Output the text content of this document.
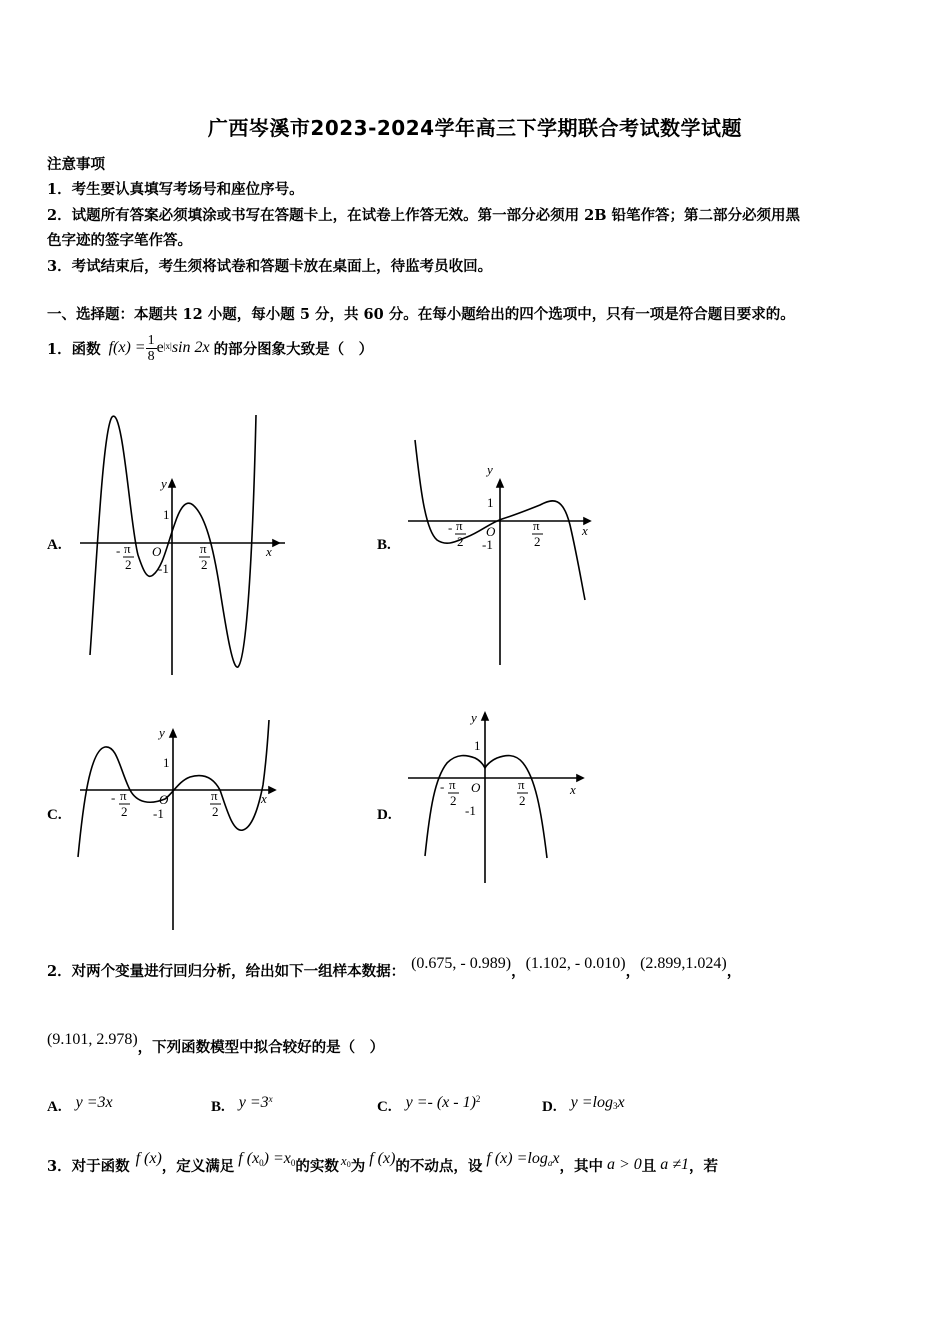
广西岑溪市2023-2024学年高三下学期联合考试数学试题
注意事项
1．考生要认真填写考场号和座位序号。
2．试题所有答案必须填涂或书写在答题卡上，在试卷上作答无效。第一部分必须用 2B 铅笔作答；第二部分必须用黑
色字迹的签字笔作答。
3．考试结束后，考生须将试卷和答题卡放在桌面上，待监考员收回。
一、选择题：本题共 12 小题，每小题 5 分，共 60 分。在每小题给出的四个选项中，只有一项是符合题目要求的。
1．函数 $f(x) = \frac{1}{8} e^{|x|}$ sin 2x 的部分图象大致是（　）
A.	B.
C.	D.
y
x
O
1
-1
- π
2
π
2
y
x
O
1
-1
- π
2
π
2
y
x
O
1
-1
- π
2
π
2
y
x
O
1
-1
- π
2
π
2
2．对两个变量进行回归分析，给出如下一组样本数据： (0.675, - 0.989) ， (1.102, - 0.010) ， (2.899,1.024) ，
(9.101, 2.978) ，下列函数模型中拟合较好的是（　）
A. y =3x	B. $y =3^x$	C. y =- (x - 1)$^2$	D. $y =\log_3$ x
3．对于函数 f (x) ，定义满足 f ($x_0$ ) $=x_0$ 的实数 $x_0$ 为 f (x) 的不动点，设 f $(x) =\log_a$ x ，其中 a > 0 且 a ≠1 ，若
